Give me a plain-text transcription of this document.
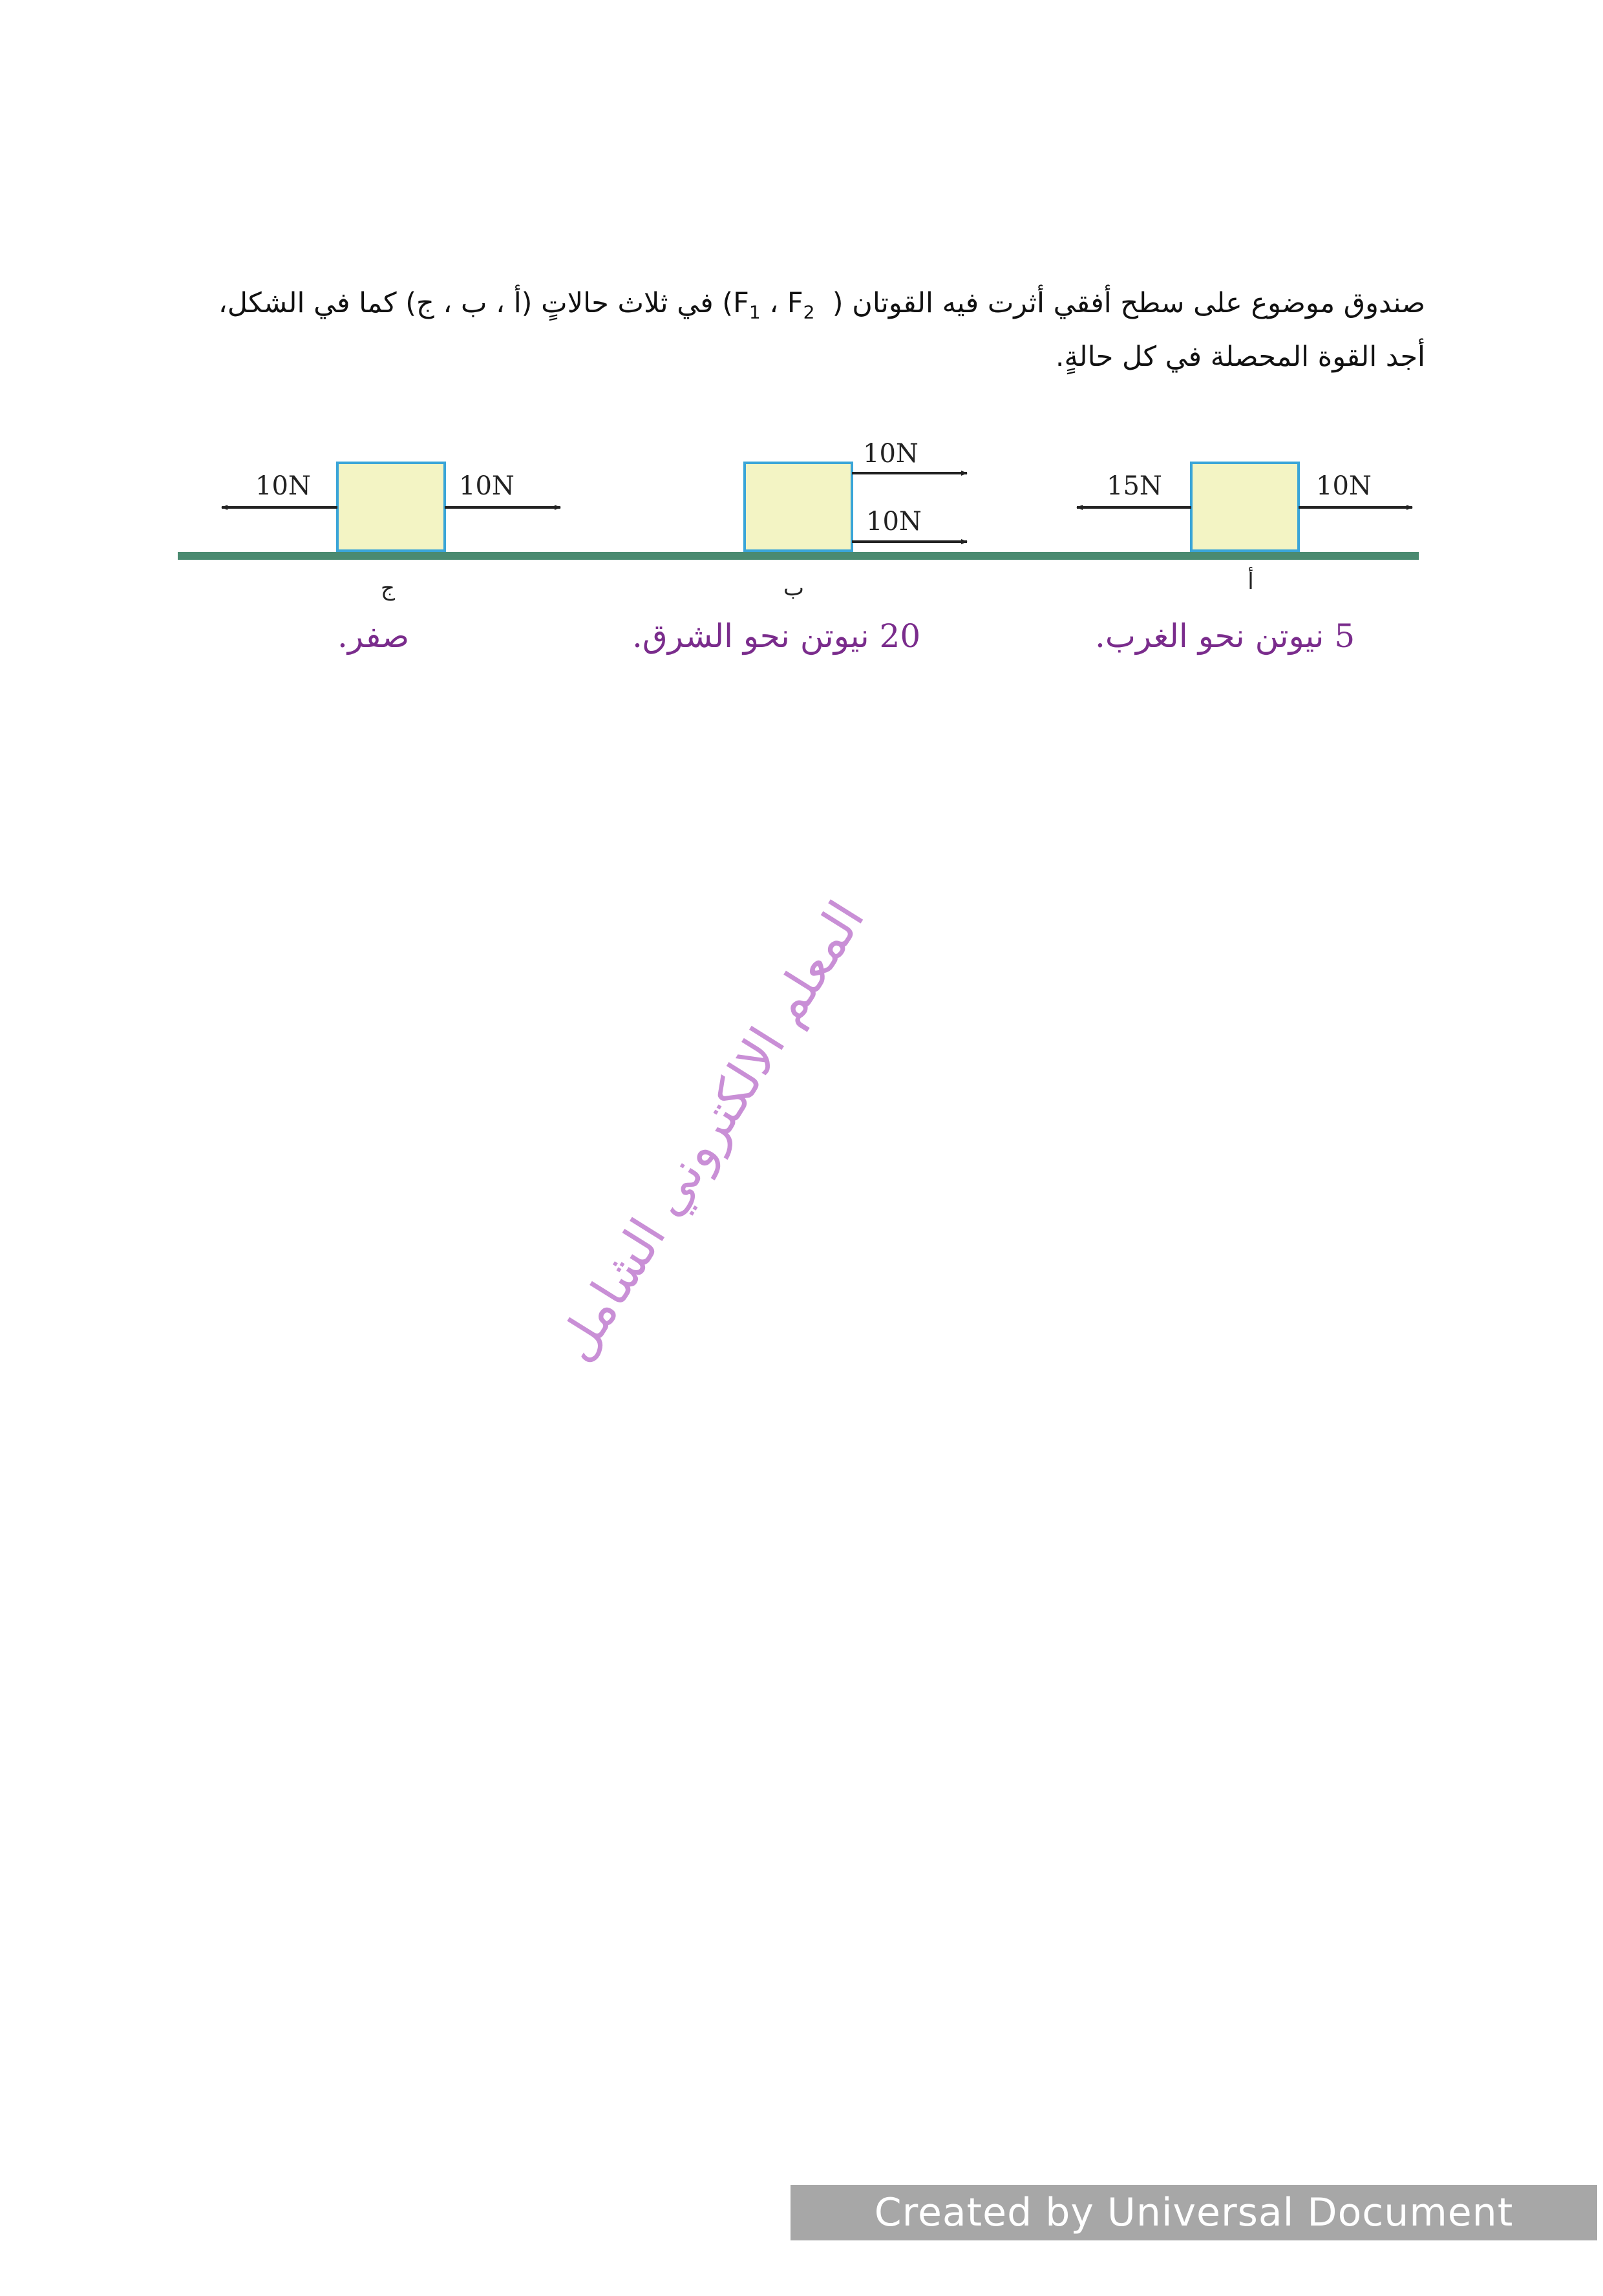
صندوق موضوع على سطح أفقي أثرت فيه القوتان ( $F_1$ ، $F_2$ ) في ثلاث حالاتٍ (أ ، ب ، ج) كما في الشكل، أجد القوة المحصلة في كل حالةٍ.
10N	10N
10N
10N
15N	10N
ج	ب	أ
صفر.	20 نيوتن نحو الشرق.	5 نيوتن نحو الغرب.
المعلم الالكتروني الشامل
Created by Universal Document Converter
